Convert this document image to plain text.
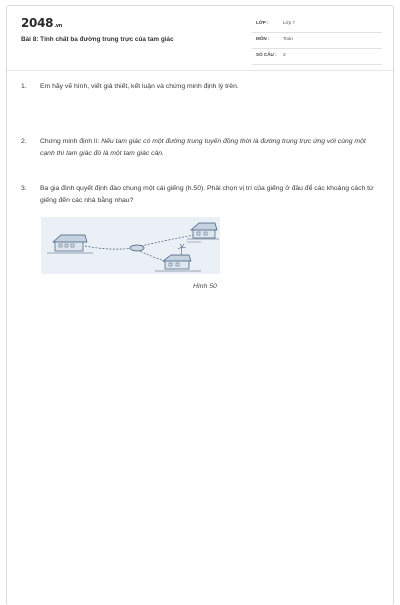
2048.vn
Bài 8: Tính chất ba đường trung trực của tam giác
LỚP :	Lớp 7
MÔN :	Toán
SỐ CÂU : 3
1.	Em hãy vẽ hình, viết giả thiết, kết luận và chứng minh định lý trên.
2.	Chứng minh định lí: Nếu tam giác có một đường trung tuyến đồng thời là đường trung trực ứng với cùng một cạnh thì tam giác đó là một tam giác cân.
3.	Ba gia đình quyết định đào chung một cái giếng (h.50). Phải chọn vị trí của giếng ở đâu để các khoảng cách từ giếng đến các nhà bằng nhau?
Hình 50
